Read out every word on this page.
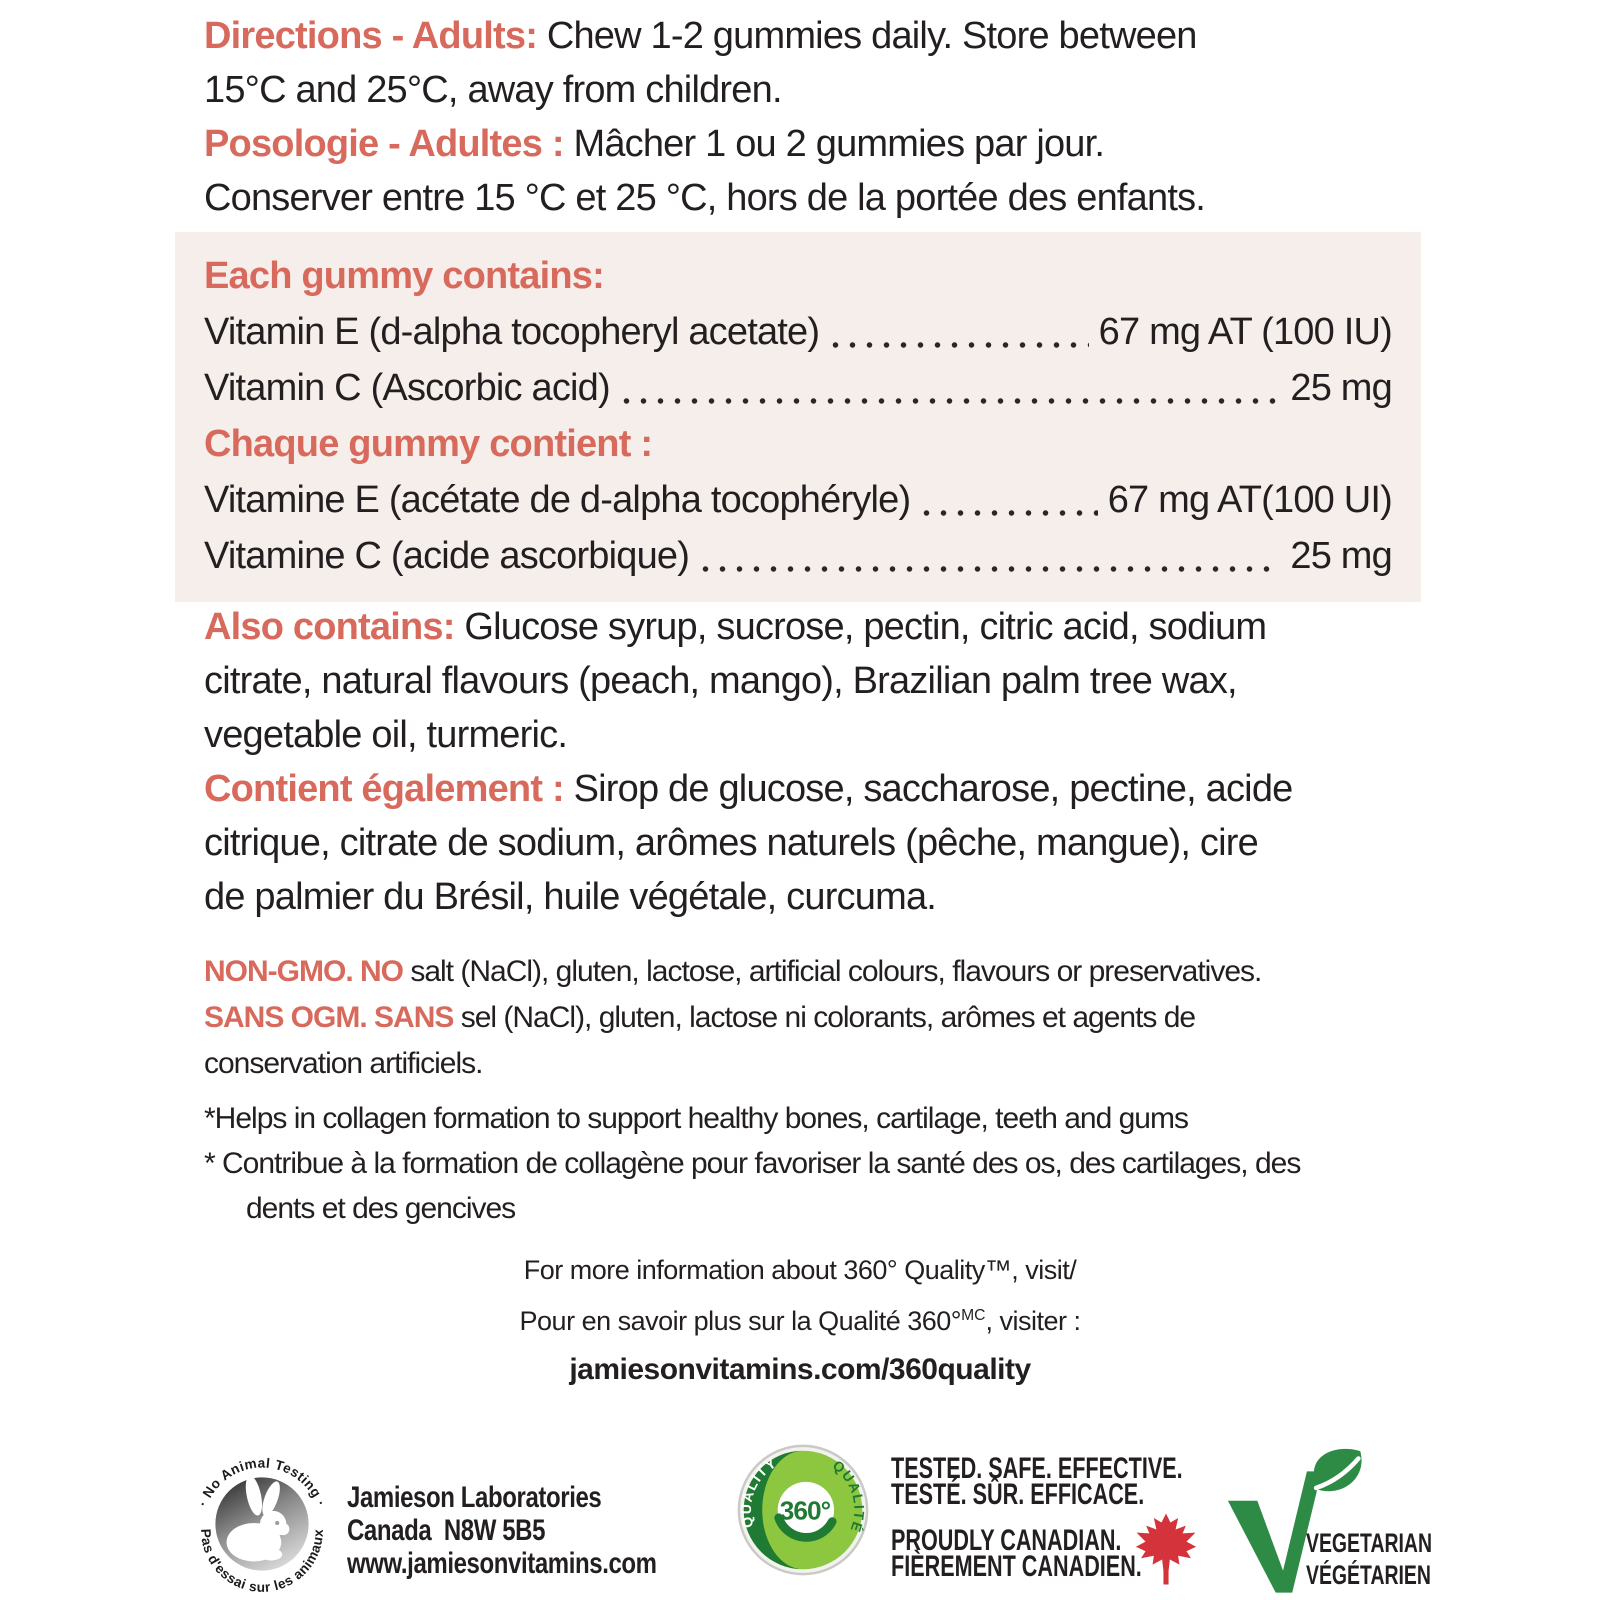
Directions - Adults: Chew 1-2 gummies daily. Store between
15°C and 25°C, away from children.
Posologie - Adultes : Mâcher 1 ou 2 gummies par jour.
Conserver entre 15 °C et 25 °C, hors de la portée des enfants.
Each gummy contains:
Vitamin E (d-alpha tocopheryl acetate)	67 mg AT (100 IU)
Vitamin C (Ascorbic acid)	25 mg
Chaque gummy contient :
Vitamine E (acétate de d-alpha tocophéryle)	67 mg AT(100 UI)
Vitamine C (acide ascorbique)	25 mg
Also contains: Glucose syrup, sucrose, pectin, citric acid, sodium
citrate, natural flavours (peach, mango), Brazilian palm tree wax,
vegetable oil, turmeric.
Contient également : Sirop de glucose, saccharose, pectine, acide
citrique, citrate de sodium, arômes naturels (pêche, mangue), cire
de palmier du Brésil, huile végétale, curcuma.
NON-GMO. NO salt (NaCl), gluten, lactose, artificial colours, flavours or preservatives.
SANS OGM. SANS sel (NaCl), gluten, lactose ni colorants, arômes et agents de
conservation artificiels.
*Helps in collagen formation to support healthy bones, cartilage, teeth and gums
* Contribue à la formation de collagène pour favoriser la santé des os, des cartilages, des
dents et des gencives
For more information about 360° Quality™, visit/
Pour en savoir plus sur la Qualité 360°$^{MC}$, visiter :
jamiesonvitamins.com/360quality
· No Animal Testing ·
Pas d'essai sur les animaux
Jamieson Laboratories
Canada  N8W 5B5
www.jamiesonvitamins.com
360°
QUALITY	QUALITÉ
TESTED. SAFE. EFFECTIVE.
TESTÉ. SÛR. EFFICACE.
PROUDLY CANADIAN.
FIÈREMENT CANADIEN.
VEGETARIAN
VÉGÉTARIEN
